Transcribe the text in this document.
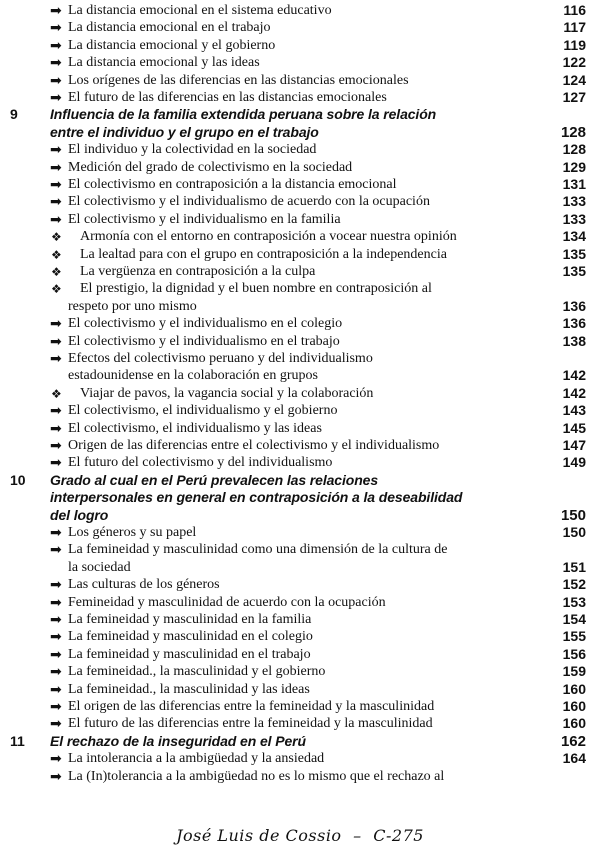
➡ La distancia emocional en el sistema educativo	116
➡ La distancia emocional en el trabajo	117
➡ La distancia emocional y el gobierno	119
➡ La distancia emocional y las ideas	122
➡ Los orígenes de las diferencias en las distancias emocionales	124
➡ El futuro de las diferencias en las distancias emocionales	127
9 Influencia de la familia extendida peruana sobre la relación
entre el individuo y el grupo en el trabajo	128
➡ El individuo y la colectividad en la sociedad	128
➡ Medición del grado de colectivismo en la sociedad	129
➡ El colectivismo en contraposición a la distancia emocional	131
➡ El colectivismo y el individualismo de acuerdo con la ocupación	133
➡ El colectivismo y el individualismo en la familia	133
❖ Armonía con el entorno en contraposición a vocear nuestra opinión	134
❖ La lealtad para con el grupo en contraposición a la independencia	135
❖ La vergüenza en contraposición a la culpa	135
❖ El prestigio, la dignidad y el buen nombre en contraposición al
respeto por uno mismo	136
➡ El colectivismo y el individualismo en el colegio	136
➡ El colectivismo y el individualismo en el trabajo	138
➡ Efectos del colectivismo peruano y del individualismo
estadounidense en la colaboración en grupos	142
❖ Viajar de pavos, la vagancia social y la colaboración	142
➡ El colectivismo, el individualismo y el gobierno	143
➡ El colectivismo, el individualismo y las ideas	145
➡ Origen de las diferencias entre el colectivismo y el individualismo	147
➡ El futuro del colectivismo y del individualismo	149
10 Grado al cual en el Perú prevalecen las relaciones
interpersonales en general en contraposición a la deseabilidad
del logro	150
➡ Los géneros y su papel	150
➡ La femineidad y masculinidad como una dimensión de la cultura de
la sociedad	151
➡ Las culturas de los géneros	152
➡ Femineidad y masculinidad de acuerdo con la ocupación	153
➡ La femineidad y masculinidad en la familia	154
➡ La femineidad y masculinidad en el colegio	155
➡ La femineidad y masculinidad en el trabajo	156
➡ La femineidad., la masculinidad y el gobierno	159
➡ La femineidad., la masculinidad y las ideas	160
➡ El origen de las diferencias entre la femineidad y la masculinidad	160
➡ El futuro de las diferencias entre la femineidad y la masculinidad	160
11 El rechazo de la inseguridad en el Perú	162
➡ La intolerancia a la ambigüedad y la ansiedad	164
➡ La (In)tolerancia a la ambigüedad no es lo mismo que el rechazo al
José Luis de Cossio – C-275
